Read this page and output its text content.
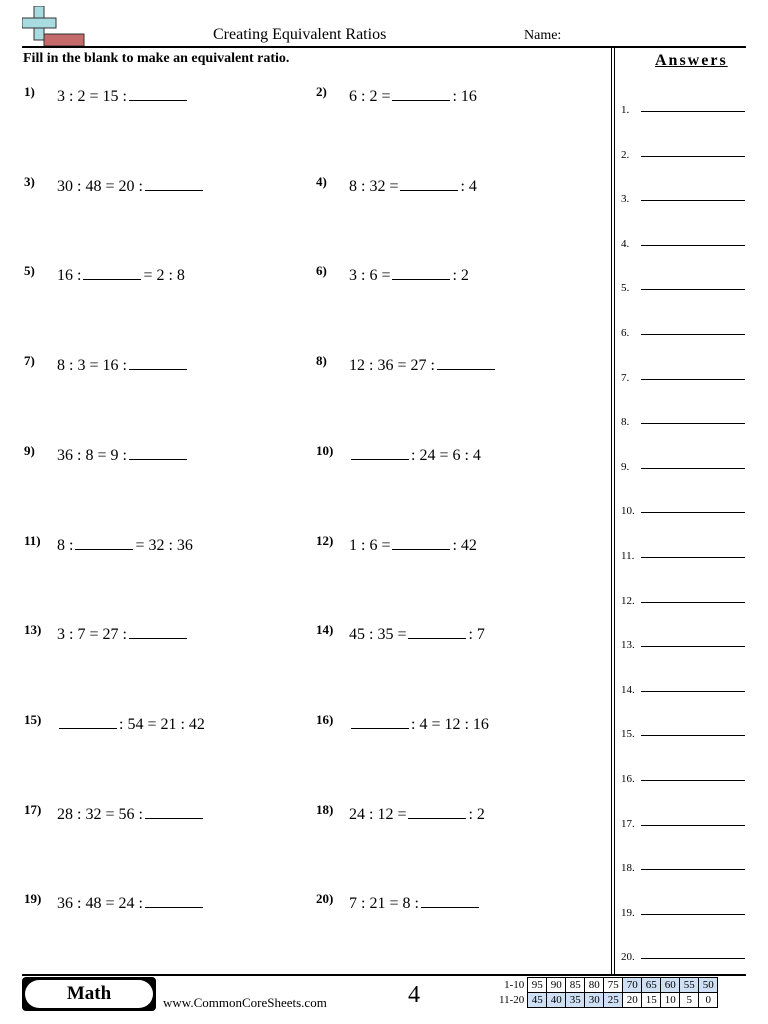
Creating Equivalent Ratios	Name:
Fill in the blank to make an equivalent ratio.
1) 3 : 2 = 15 :	2) 6 : 2 =	: 16
3) 30 : 48 = 20 :	4) 8 : 32 =	: 4
5) 16 :	= 2 : 8	6) 3 : 6 =	: 2
7) 8 : 3 = 16 :	8) 12 : 36 = 27 :
9) 36 : 8 = 9 :	10)	: 24 = 6 : 4
11) 8 :	= 32 : 36	12) 1 : 6 =	: 42
13) 3 : 7 = 27 :	14) 45 : 35 =	: 7
15)	: 54 = 21 : 42	16)	: 4 = 12 : 16
17) 28 : 32 = 56 :	18) 24 : 12 =	: 2
19) 36 : 48 = 24 :	20) 7 : 21 = 8 :
Answers
1.
2.
3.
4.
5.
6.
7.
8.
9.
10.
11.
12.
13.
14.
15.
16.
17.
18.
19.
20.
Math	www.CommonCoreSheets.com	4	1-10	95	90	85	80	75	70	65	60	55	50
11-20	45	40	35	30	25	20	15	10	5	0
